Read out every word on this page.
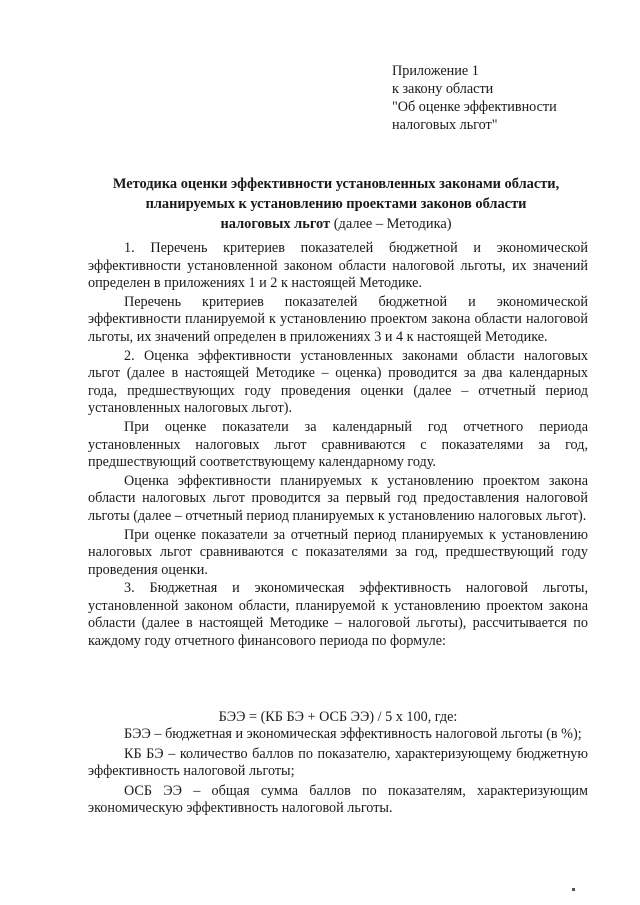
Приложение 1
к закону области
"Об оценке эффективности
налоговых льгот"
Методика оценки эффективности установленных законами области,
планируемых к установлению проектами законов области
налоговых льгот (далее – Методика)

1. Перечень критериев показателей бюджетной и экономической эффективности установленной законом области налоговой льготы, их значений определен в приложениях 1 и 2 к настоящей Методике.

Перечень критериев показателей бюджетной и экономической эффективности планируемой к установлению проектом закона области налоговой льготы, их значений определен в приложениях 3 и 4 к настоящей Методике.

2. Оценка эффективности установленных законами области налоговых льгот (далее в настоящей Методике – оценка) проводится за два календарных года, предшествующих году проведения оценки (далее – отчетный период установленных налоговых льгот).

При оценке показатели за календарный год отчетного периода установленных налоговых льгот сравниваются с показателями за год, предшествующий соответствующему календарному году.

Оценка эффективности планируемых к установлению проектом закона области налоговых льгот проводится за первый год предоставления налоговой льготы (далее – отчетный период планируемых к установлению налоговых льгот).

При оценке показатели за отчетный период планируемых к установлению налоговых льгот сравниваются с показателями за год, предшествующий году проведения оценки.

3. Бюджетная и экономическая эффективность налоговой льготы, установленной законом области, планируемой к установлению проектом закона области (далее в настоящей Методике – налоговой льготы), рассчитывается по каждому году отчетного финансового периода по формуле:

БЭЭ = (КБ БЭ + ОСБ ЭЭ) / 5 х 100, где:

БЭЭ – бюджетная и экономическая эффективность налоговой льготы (в %);

КБ БЭ – количество баллов по показателю, характеризующему бюджетную эффективность налоговой льготы;

ОСБ ЭЭ – общая сумма баллов по показателям, характеризующим экономическую эффективность налоговой льготы.
